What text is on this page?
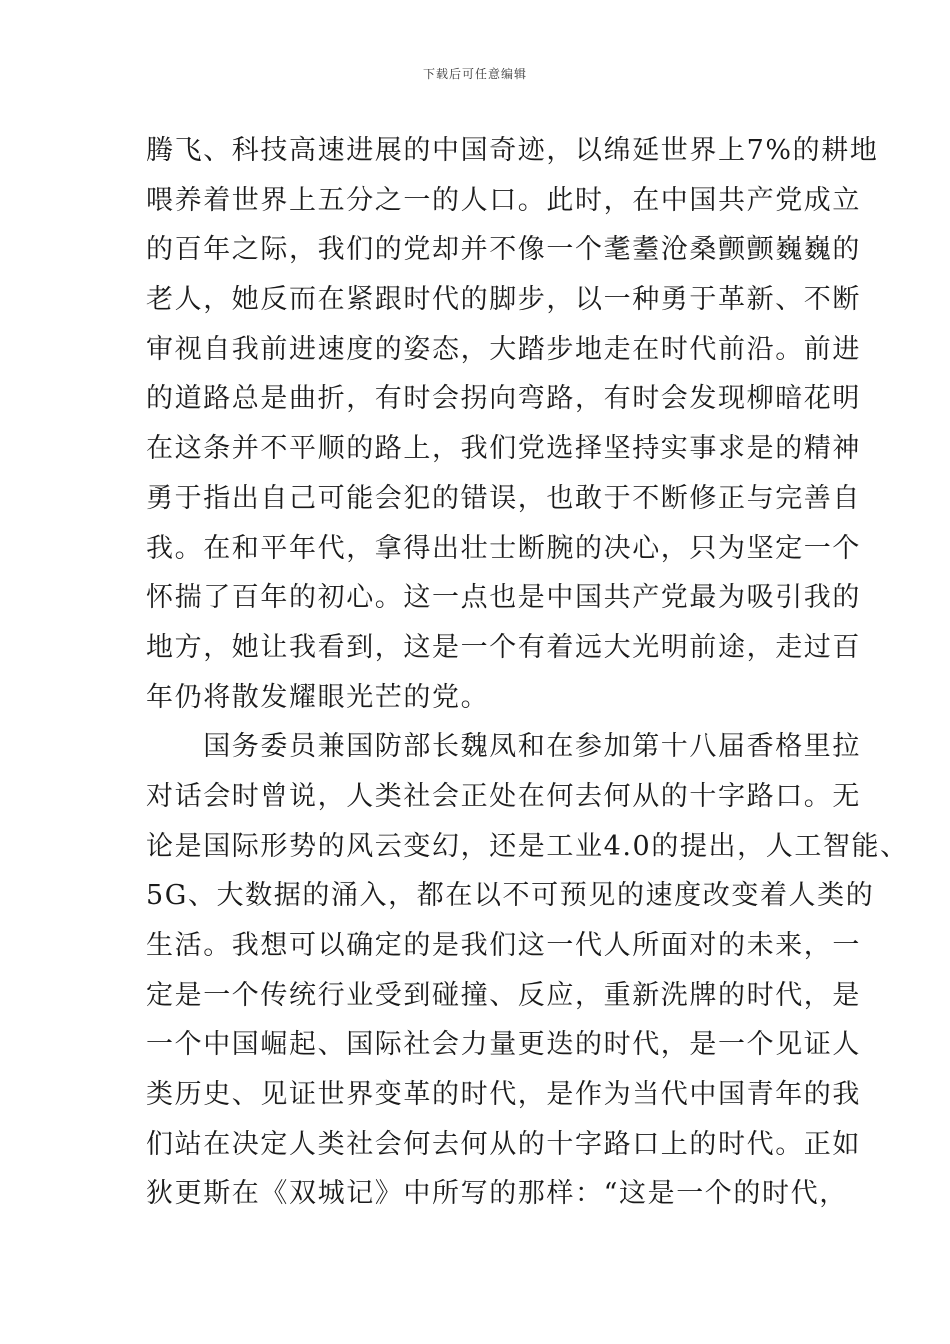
下载后可任意编辑
腾飞、科技高速进展的中国奇迹，以绵延世界上7%的耕地
喂养着世界上五分之一的人口。此时，在中国共产党成立
的百年之际，我们的党却并不像一个耄耋沧桑颤颤巍巍的
老人，她反而在紧跟时代的脚步，以一种勇于革新、不断
审视自我前进速度的姿态，大踏步地走在时代前沿。前进
的道路总是曲折，有时会拐向弯路，有时会发现柳暗花明
在这条并不平顺的路上，我们党选择坚持实事求是的精神
勇于指出自己可能会犯的错误，也敢于不断修正与完善自
我。在和平年代，拿得出壮士断腕的决心，只为坚定一个
怀揣了百年的初心。这一点也是中国共产党最为吸引我的
地方，她让我看到，这是一个有着远大光明前途，走过百
年仍将散发耀眼光芒的党。
　　国务委员兼国防部长魏凤和在参加第十八届香格里拉
对话会时曾说，人类社会正处在何去何从的十字路口。无
论是国际形势的风云变幻，还是工业4.0的提出，人工智能、
5G、大数据的涌入，都在以不可预见的速度改变着人类的
生活。我想可以确定的是我们这一代人所面对的未来，一
定是一个传统行业受到碰撞、反应，重新洗牌的时代，是
一个中国崛起、国际社会力量更迭的时代，是一个见证人
类历史、见证世界变革的时代，是作为当代中国青年的我
们站在决定人类社会何去何从的十字路口上的时代。正如
狄更斯在《双城记》中所写的那样：“这是一个的时代，
